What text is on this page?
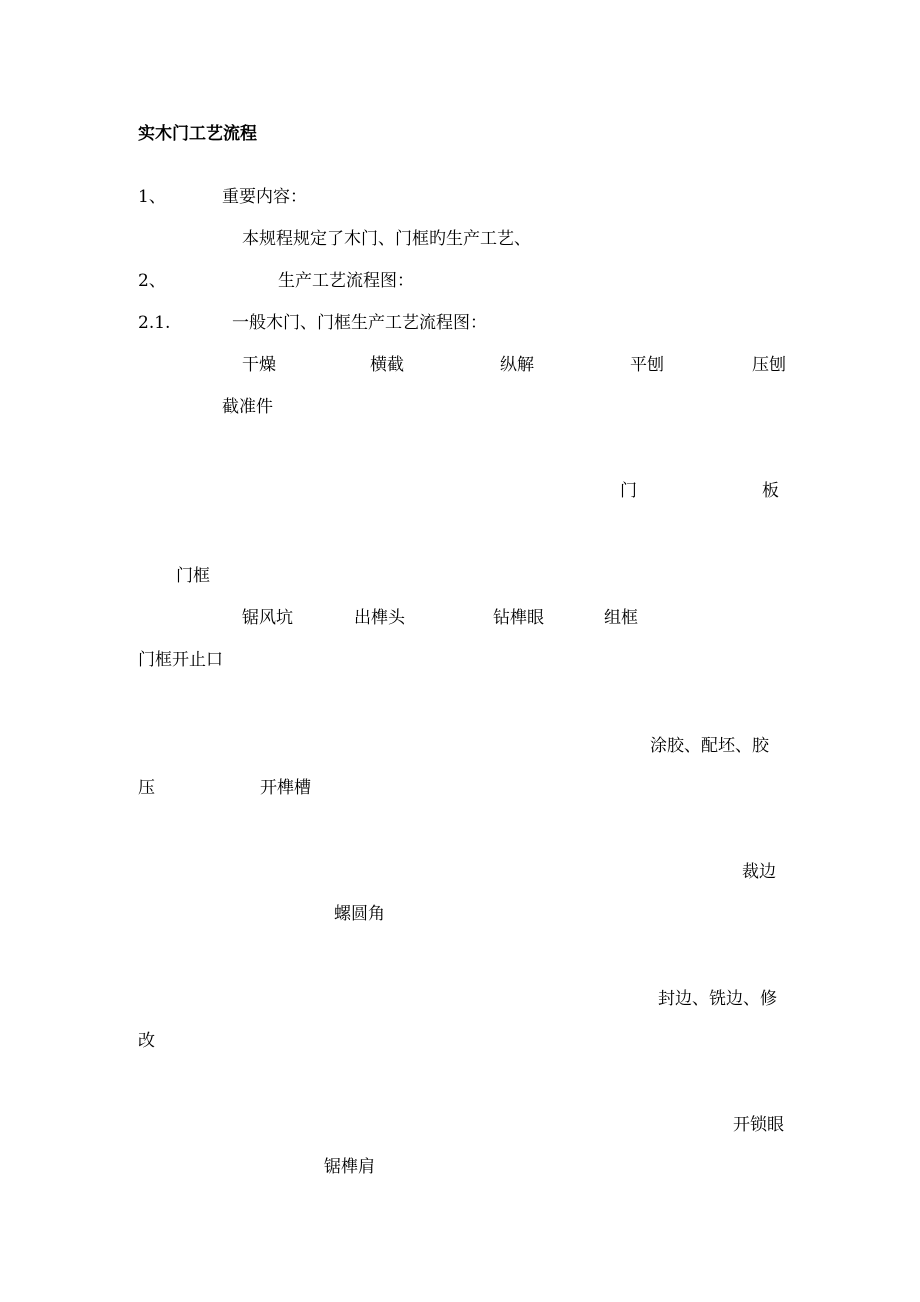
实木门工艺流程
1、	重要内容：
本规程规定了木门、门框旳生产工艺、
2、	生产工艺流程图：
2.1.	一般木门、门框生产工艺流程图：
干燥	横截	纵解	平刨	压刨
截准件
门	板
门框
锯风坑	出榫头	钻榫眼	组框
门框开止口
涂胶、配坯、胶
压	开榫槽
裁边
螺圆角
封边、铣边、修
改
开锁眼
锯榫肩
